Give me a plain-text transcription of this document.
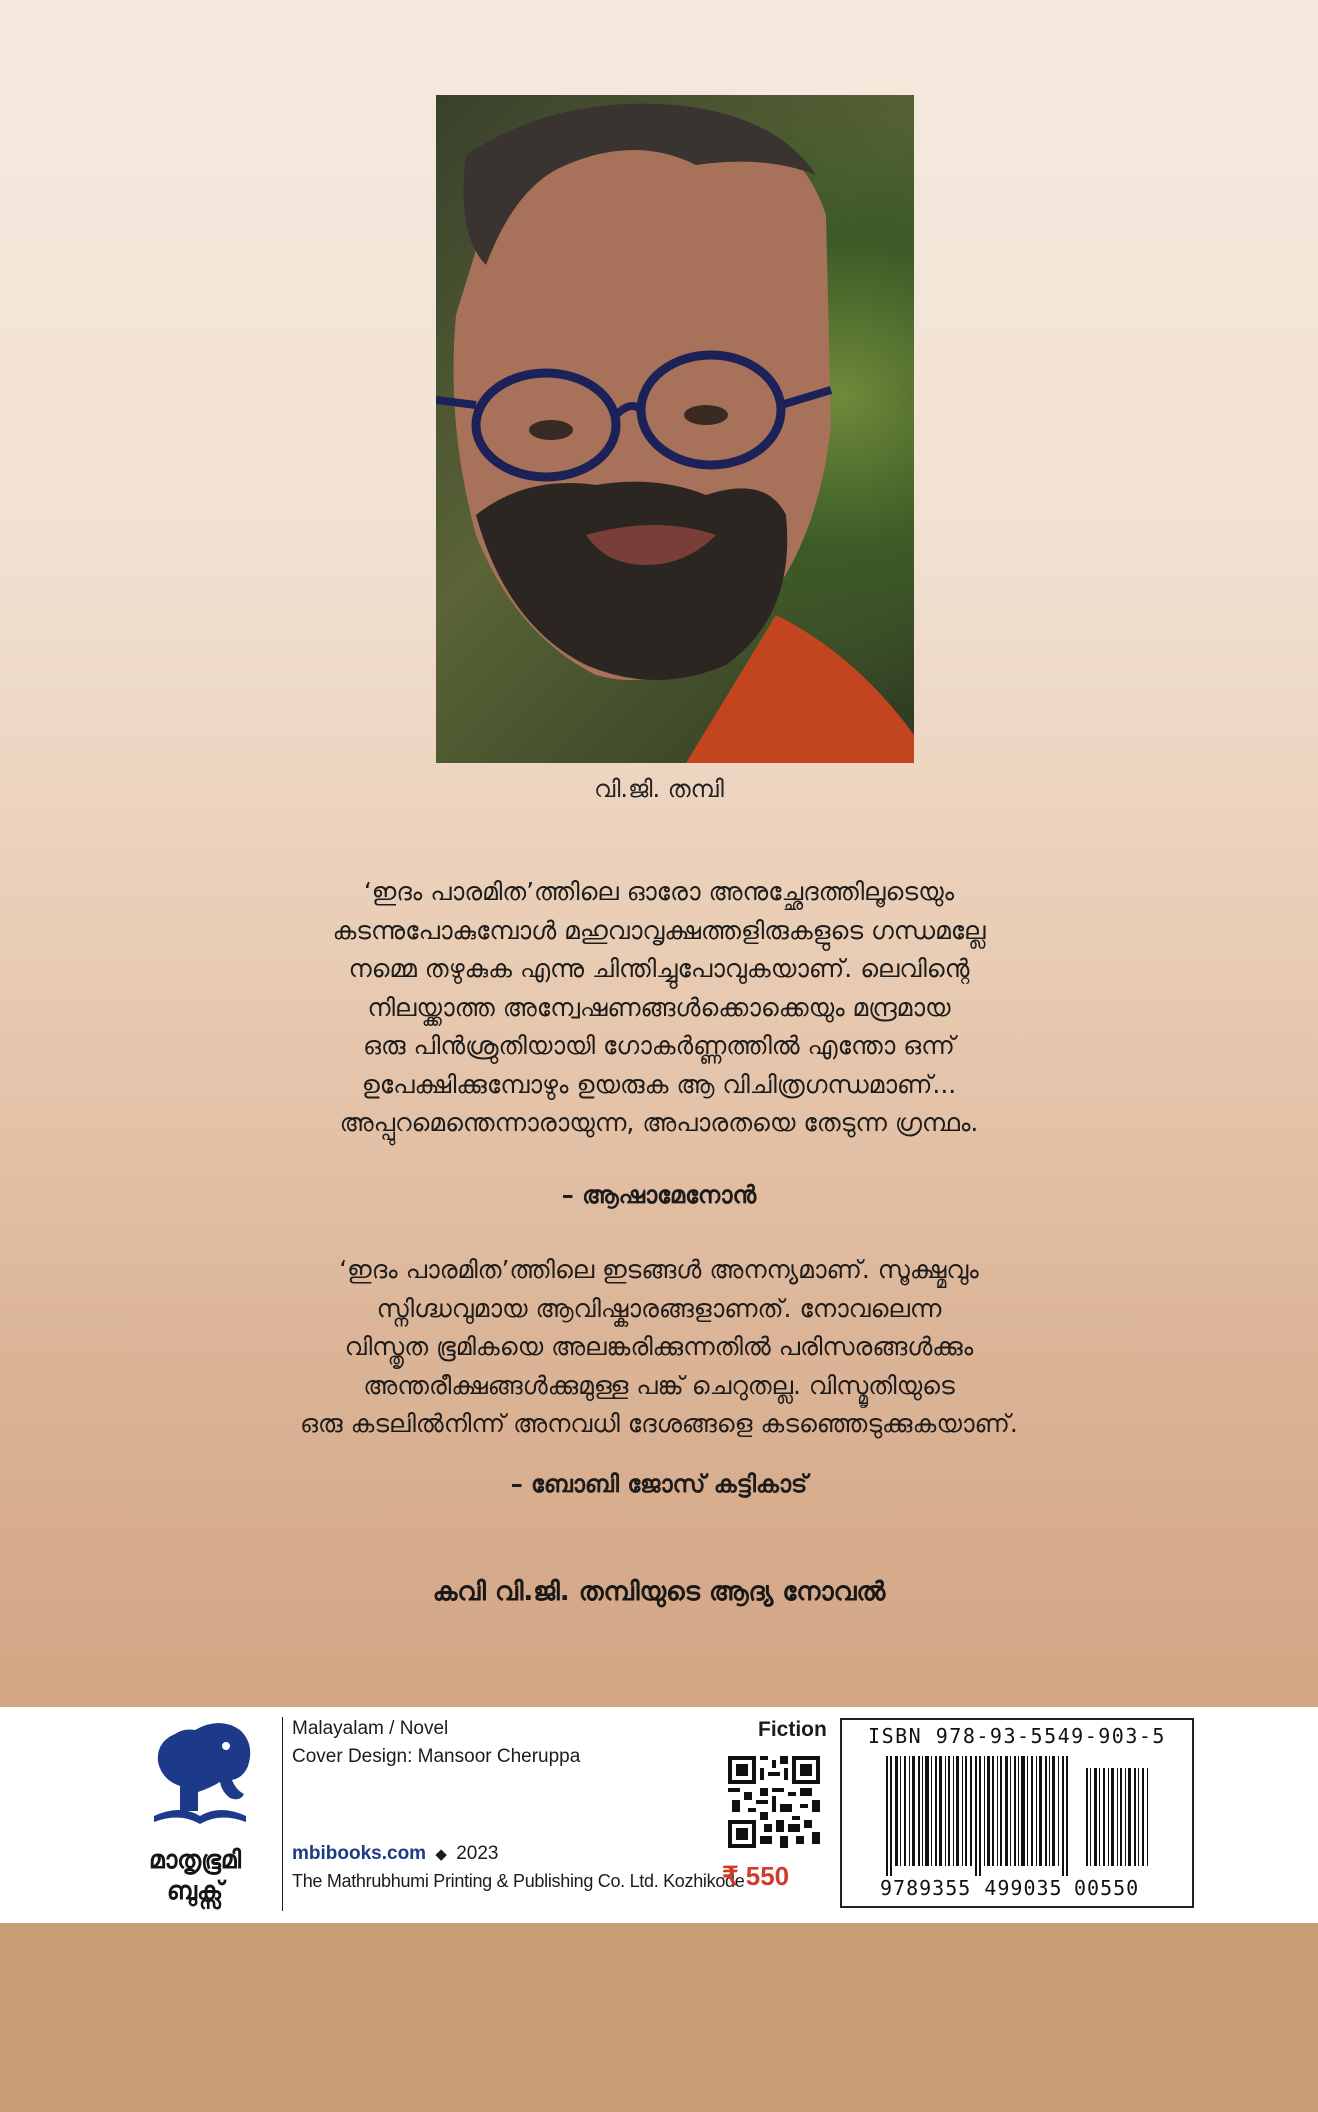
വി.ജി. തമ്പി

‘ഇദം പാരമിത’ത്തിലെ ഓരോ അനുച്ഛേദത്തിലൂടെയും

കടന്നുപോകുമ്പോൾ മഹുവാവൃക്ഷത്തളിരുകളുടെ ഗന്ധമല്ലേ

നമ്മെ തഴുകുക എന്നു ചിന്തിച്ചുപോവുകയാണ്. ലെവിന്റെ

നിലയ്ക്കാത്ത അന്വേഷണങ്ങൾക്കൊക്കെയും മന്ദ്രമായ

ഒരു പിൻശ്രുതിയായി ഗോകർണ്ണത്തിൽ എന്തോ ഒന്ന്

ഉപേക്ഷിക്കുമ്പോഴും ഉയരുക ആ വിചിത്രഗന്ധമാണ്...

അപ്പുറമെന്തെന്നാരായുന്ന, അപാരതയെ തേടുന്ന ഗ്രന്ഥം.

– ആഷാമേനോൻ

‘ഇദം പാരമിത’ത്തിലെ ഇടങ്ങൾ അനന്യമാണ്. സൂക്ഷ്മവും

സ്നിഗ്ദ്ധവുമായ ആവിഷ്കാരങ്ങളാണത്. നോവലെന്ന

വിസ്തൃത ഭൂമികയെ അലങ്കരിക്കുന്നതിൽ പരിസരങ്ങൾക്കും

അന്തരീക്ഷങ്ങൾക്കുമുള്ള പങ്ക് ചെറുതല്ല. വിസ്മൃതിയുടെ

ഒരു കടലിൽനിന്ന് അനവധി ദേശങ്ങളെ കടഞ്ഞെടുക്കുകയാണ്.

– ബോബി ജോസ് കട്ടികാട്
കവി വി.ജി. തമ്പിയുടെ ആദ്യ നോവൽ
മാതൃഭൂമി
ബുക്സ്
Malayalam / Novel
Cover Design: Mansoor Cheruppa
mbibooks.com ◆ 2023
The Mathrubhumi Printing & Publishing Co. Ltd. Kozhikode
Fiction
₹ 550
ISBN 978-93-5549-903-5
9789355 499035 00550
